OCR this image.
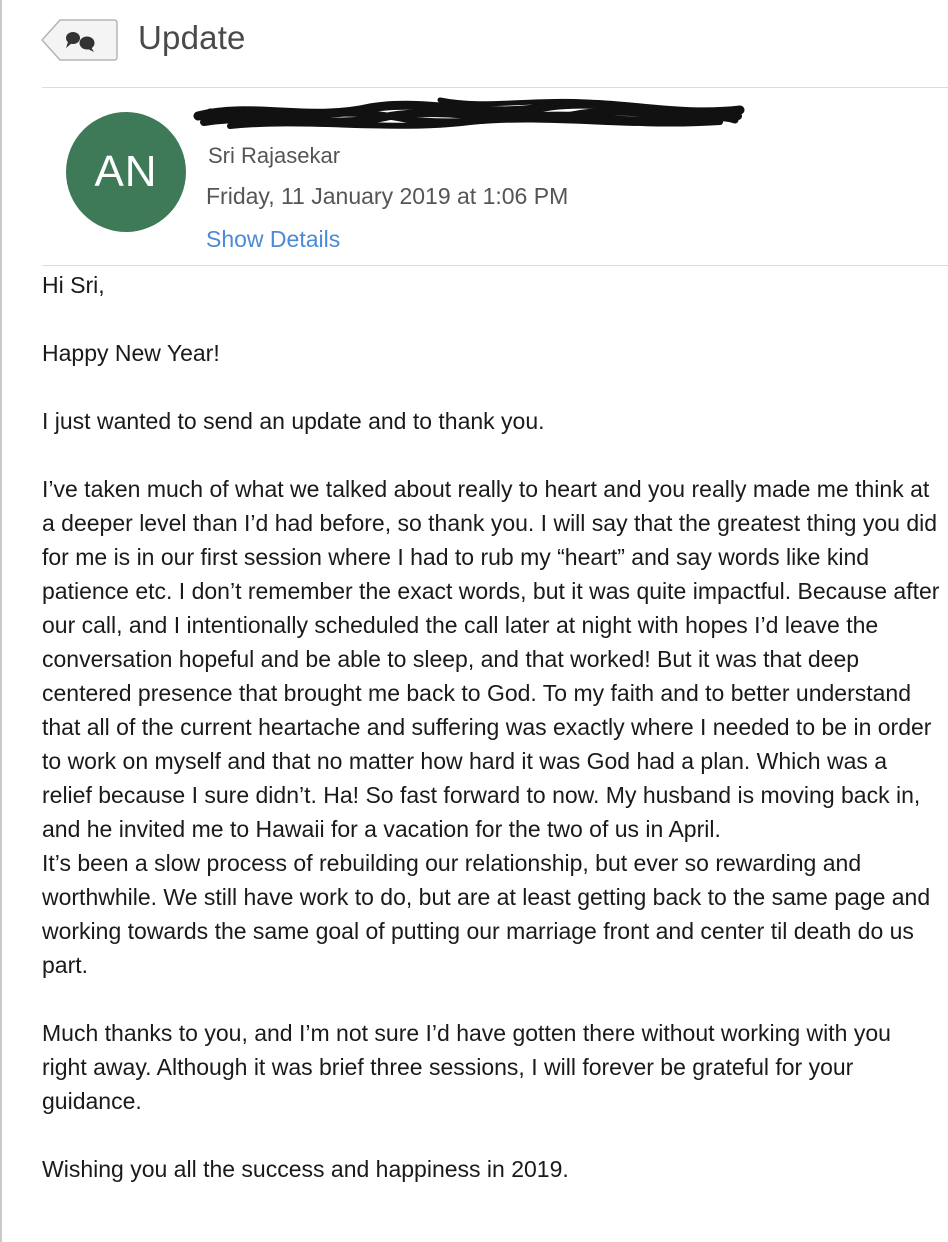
Update
AN Sri Rajasekar
Friday, 11 January 2019 at 1:06 PM
Show Details

Hi Sri,

Happy New Year!

I just wanted to send an update and to thank you.

I’ve taken much of what we talked about really to heart and you really made me think at a deeper level than I’d had before, so thank you. I will say that the greatest thing you did for me is in our first session where I had to rub my “heart” and say words like kind patience etc. I don’t remember the exact words, but it was quite impactful. Because after our call, and I intentionally scheduled the call later at night with hopes I’d leave the conversation hopeful and be able to sleep, and that worked! But it was that deep centered presence that brought me back to God. To my faith and to better understand that all of the current heartache and suffering was exactly where I needed to be in order to work on myself and that no matter how hard it was God had a plan. Which was a relief because I sure didn’t. Ha! So fast forward to now. My husband is moving back in, and he invited me to Hawaii for a vacation for the two of us in April.
It’s been a slow process of rebuilding our relationship, but ever so rewarding and worthwhile. We still have work to do, but are at least getting back to the same page and working towards the same goal of putting our marriage front and center til death do us part.

Much thanks to you, and I’m not sure I’d have gotten there without working with you right away. Although it was brief three sessions, I will forever be grateful for your guidance.

Wishing you all the success and happiness in 2019.
